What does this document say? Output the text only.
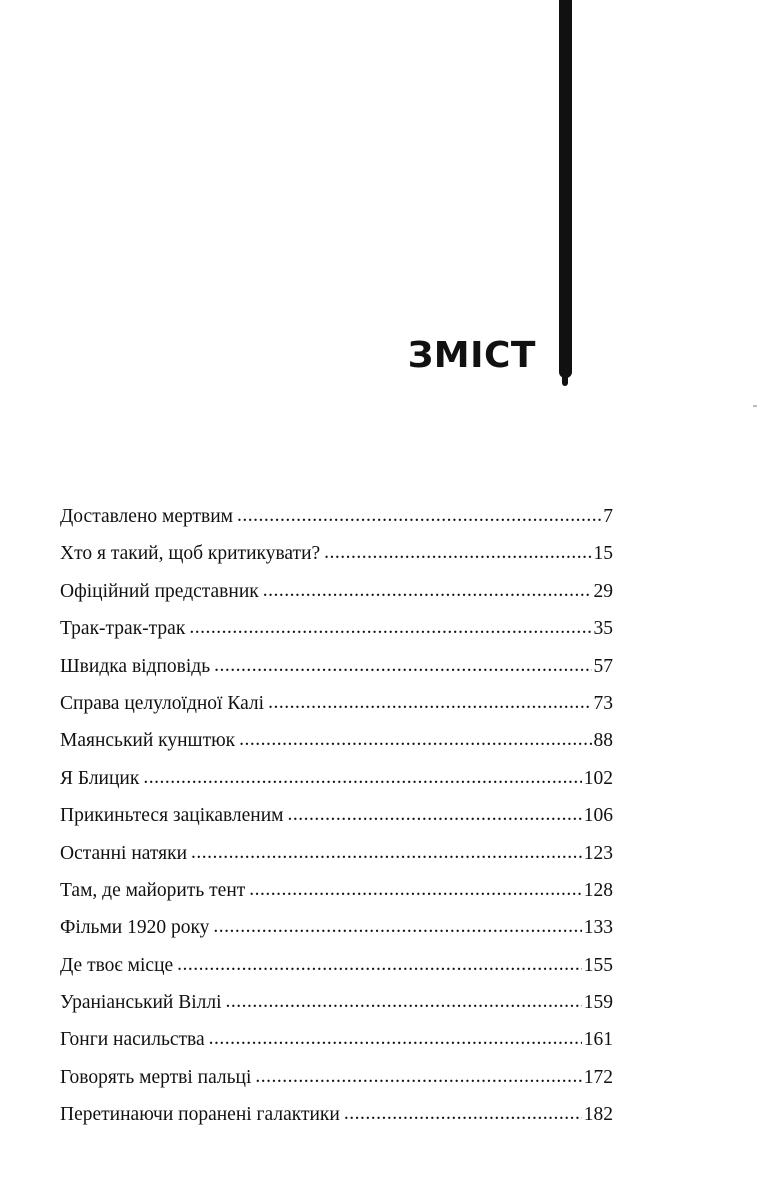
ЗМІСТ
Доставлено мертвим .....	7
Хто я такий, щоб критикувати? .....	15
Офіційний представник .....	29
Трак-трак-трак .....	35
Швидка відповідь .....	57
Справа целулоїдної Калі .....	73
Маянський кунштюк .....	88
Я Блицик .....	102
Прикиньтеся зацікавленим .....	106
Останні натяки .....	123
Там, де майорить тент .....	128
Фільми 1920 року .....	133
Де твоє місце .....	155
Ураніанський Віллі .....	159
Гонги насильства .....	161
Говорять мертві пальці .....	172
Перетинаючи поранені галактики .....	182
